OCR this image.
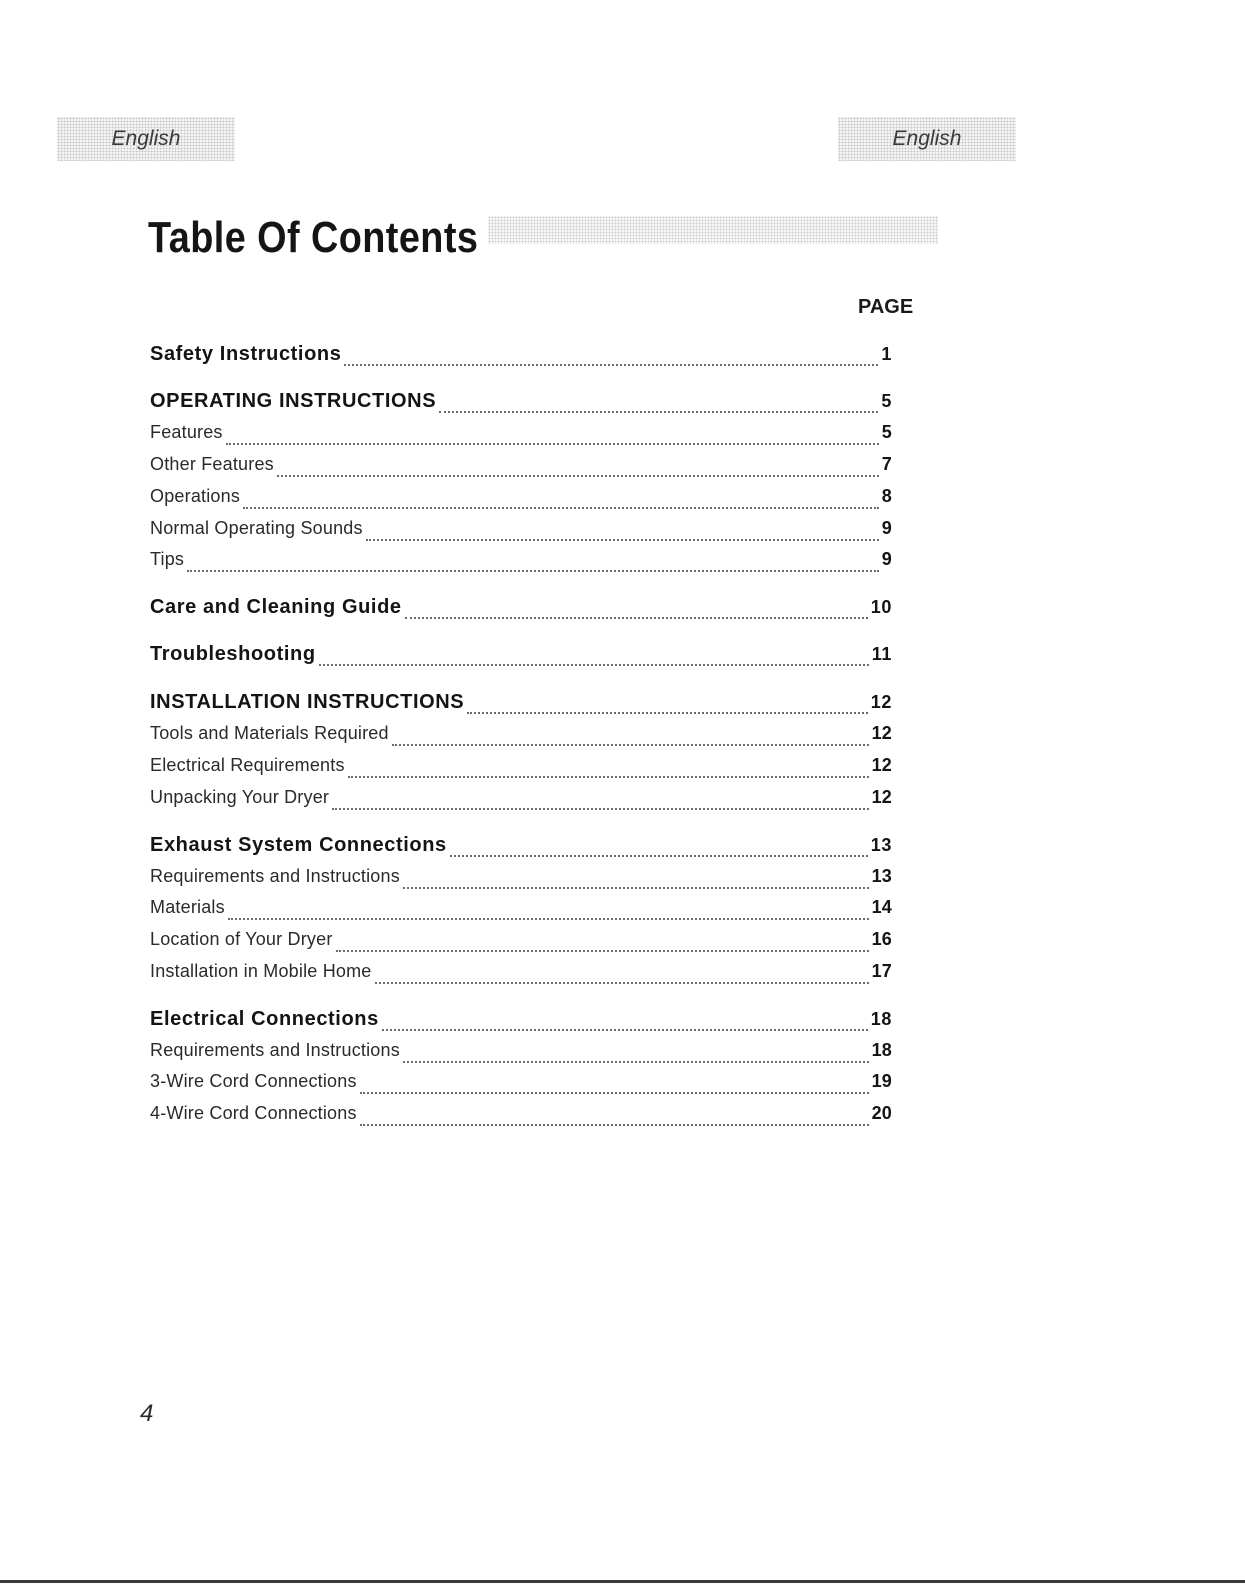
English	English
Table Of Contents
PAGE
Safety Instructions	1
OPERATING INSTRUCTIONS	5
Features	5
Other Features	7
Operations	8
Normal Operating Sounds	9
Tips	9
Care and Cleaning Guide	10
Troubleshooting	11
INSTALLATION INSTRUCTIONS	12
Tools and Materials Required	12
Electrical Requirements	12
Unpacking Your Dryer	12
Exhaust System Connections	13
Requirements and Instructions	13
Materials	14
Location of Your Dryer	16
Installation in Mobile Home	17
Electrical Connections	18
Requirements and Instructions	18
3-Wire Cord Connections	19
4-Wire Cord Connections	20
4
